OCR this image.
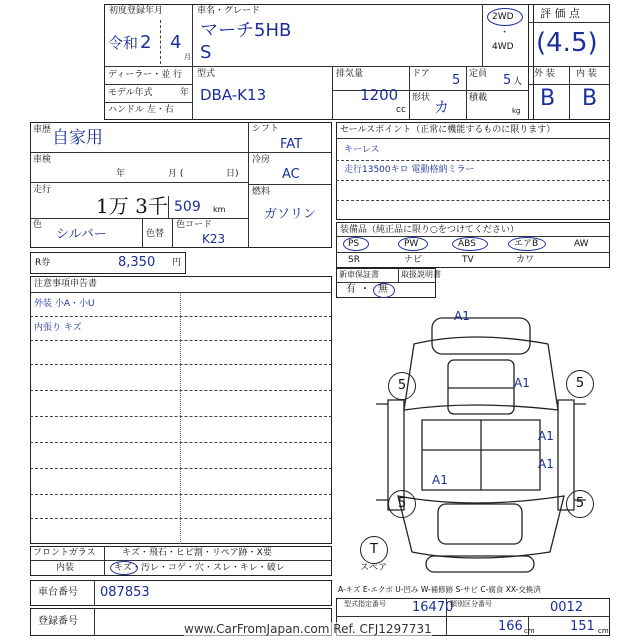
初度登録年月
令和 2 4
月
車名・グレード
マーチ5HB
S
2WD
・
4WD
評 価 点
(4.5)
ディーラー・並 行
モデル年式	年
ハンドル 左・右
型式
DBA-K13
排気量
1200
cc
ドア 5
形状 カ
定員 5 人
積載
kg
外 装 内 装
B B
車歴 自家用
車検
年	月 (	日)
走行
1万 3千 509 km
色
シルバー	色替
色コード
K23
シフト
FAT
冷房
AC
燃料
ガソリン
R券	8,350 円
セールスポイント（正常に機能するものに限ります）
キーレス
走行13500キロ 電動格納ミラー
装備品（純正品に限り○をつけてください）
PS	PW	ABS	エアB	AW
SR	ナビ	TV	カワ
新車保証書	取扱説明書
有 ・ 無
注意事項申告書
外装 小A・小U
内張り キズ
5	5
5	5
A1
A1
A1
A1
A1
T
スペア
フロントガラス	キズ・飛石・ヒビ割・リペア跡・X要
内装	キズ・汚レ・コゲ・穴・スレ・キレ・破レ
A-キズ E-エクボ U-凹み W-補修跡 S-サビ C-腐食 XX-交換済
車台番号 087853
登録番号
型式指定番号 16470
類別区分番号	0012
166 cm	151 cm
www.CarFromJapan.com Ref. CFJ1297731
